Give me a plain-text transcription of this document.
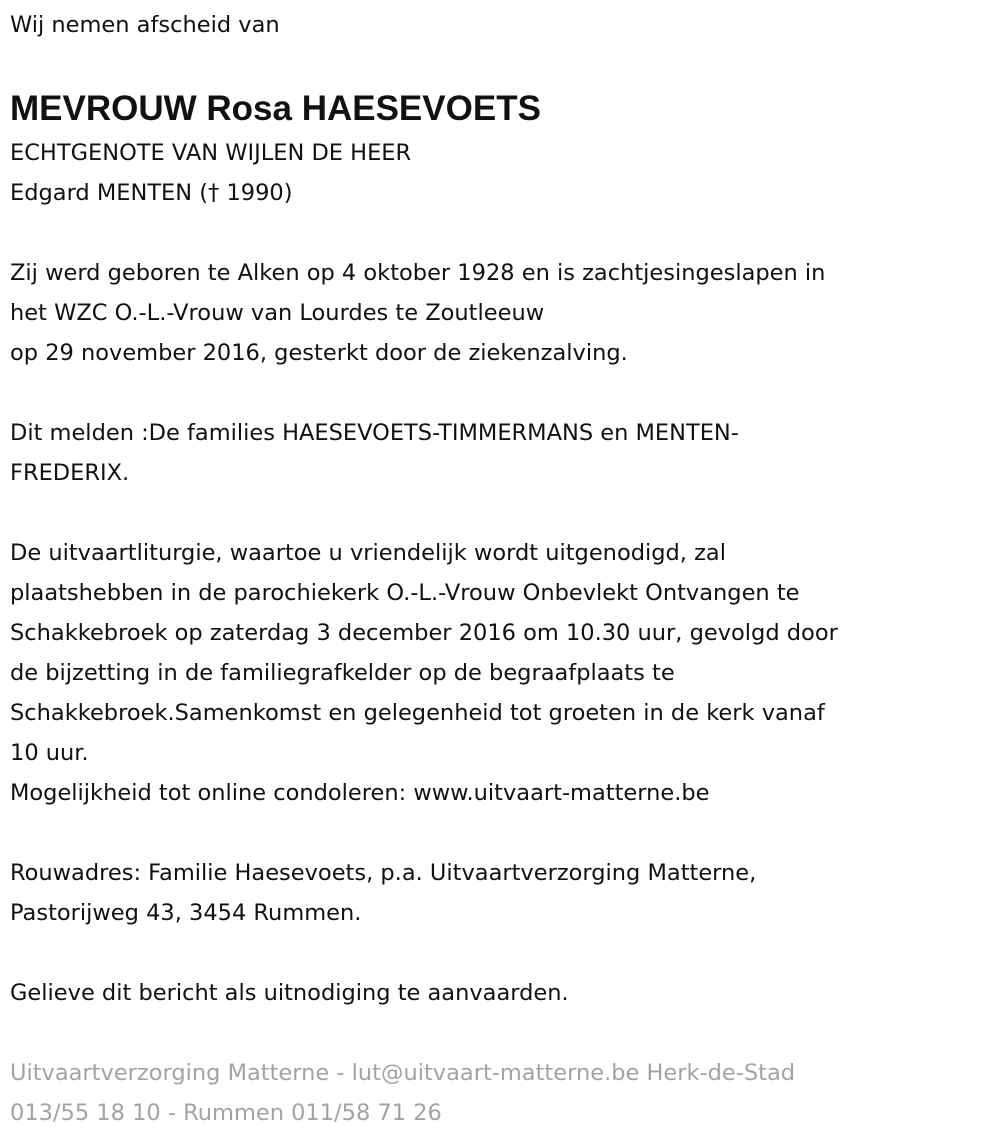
Wij nemen afscheid van
MEVROUW Rosa HAESEVOETS
ECHTGENOTE VAN WIJLEN DE HEER
Edgard MENTEN († 1990)
Zij werd geboren te Alken op 4 oktober 1928 en is zachtjesingeslapen in
het WZC O.-L.-Vrouw van Lourdes te Zoutleeuw
op 29 november 2016, gesterkt door de ziekenzalving.
Dit melden :De families HAESEVOETS-TIMMERMANS en MENTEN-
FREDERIX.
De uitvaartliturgie, waartoe u vriendelijk wordt uitgenodigd, zal
plaatshebben in de parochiekerk O.-L.-Vrouw Onbevlekt Ontvangen te
Schakkebroek op zaterdag 3 december 2016 om 10.30 uur, gevolgd door
de bijzetting in de familiegrafkelder op de begraafplaats te
Schakkebroek.Samenkomst en gelegenheid tot groeten in de kerk vanaf
10 uur.
Mogelijkheid tot online condoleren: www.uitvaart-matterne.be
Rouwadres: Familie Haesevoets, p.a. Uitvaartverzorging Matterne,
Pastorijweg 43, 3454 Rummen.
Gelieve dit bericht als uitnodiging te aanvaarden.
Uitvaartverzorging Matterne - lut@uitvaart-matterne.be Herk-de-Stad
013/55 18 10 - Rummen 011/58 71 26
